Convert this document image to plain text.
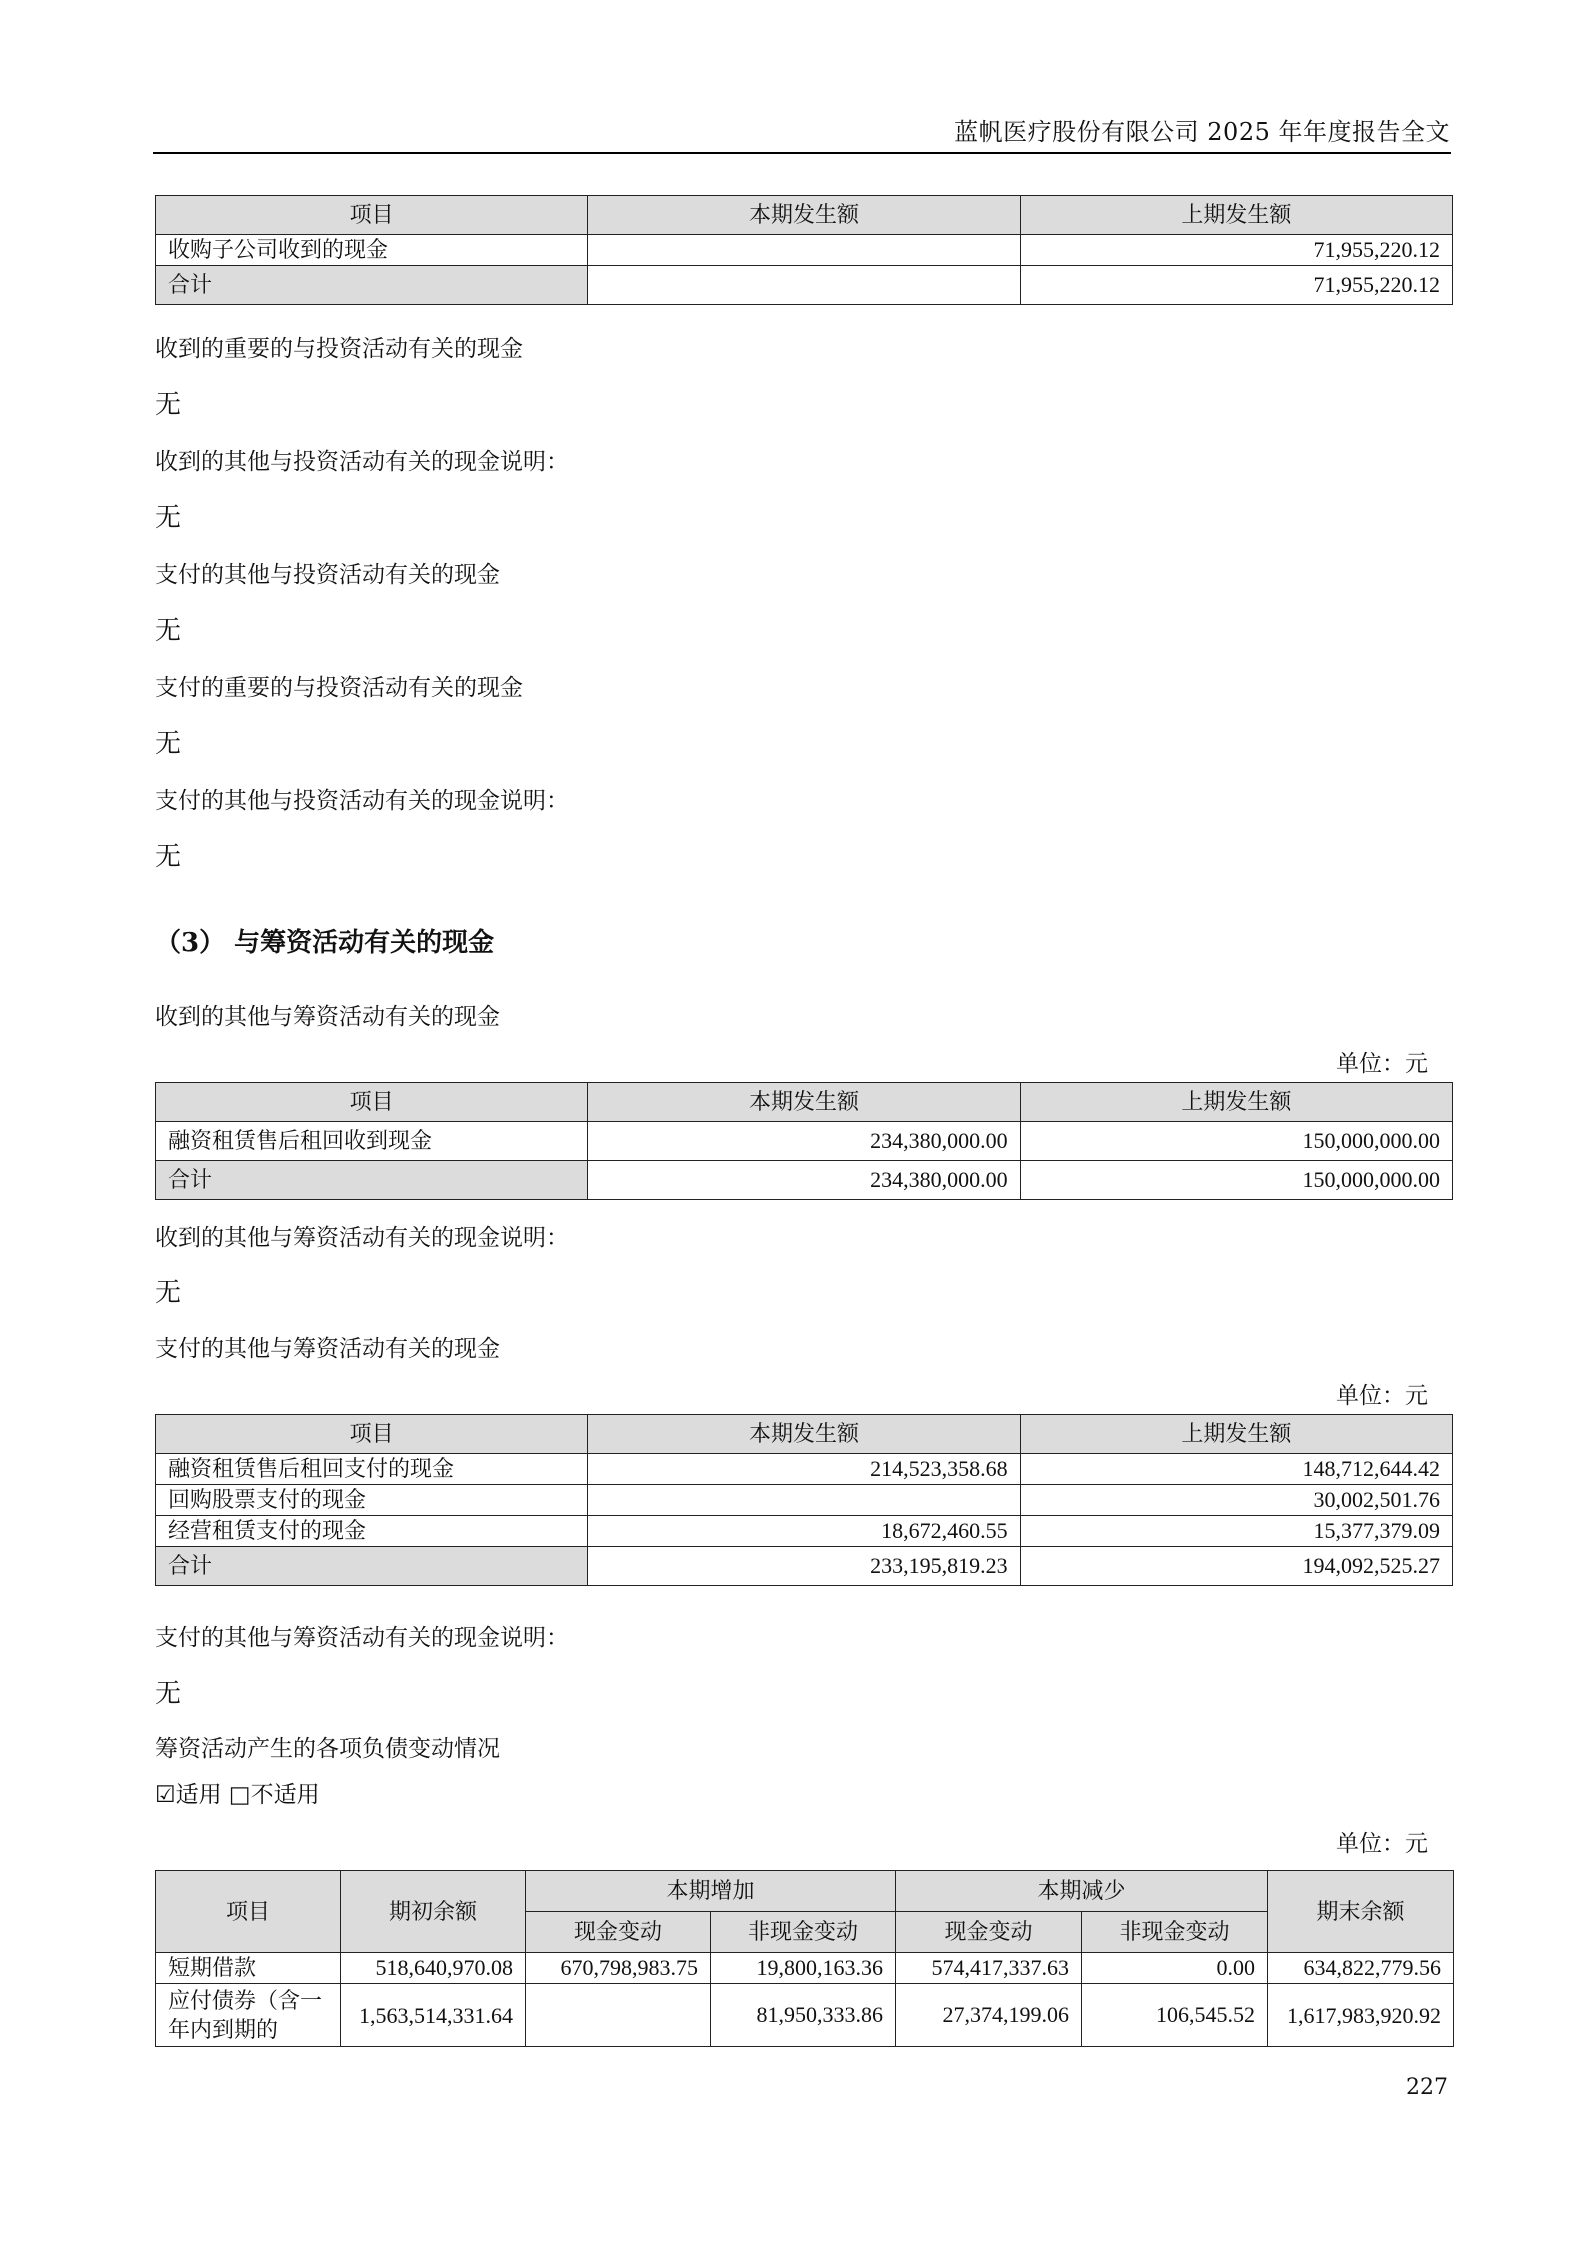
蓝帆医疗股份有限公司 2025 年年度报告全文
项目	本期发生额	上期发生额
收购子公司收到的现金		71,955,220.12
合计		71,955,220.12
收到的重要的与投资活动有关的现金
无
收到的其他与投资活动有关的现金说明：
无
支付的其他与投资活动有关的现金
无
支付的重要的与投资活动有关的现金
无
支付的其他与投资活动有关的现金说明：
无
（3） 与筹资活动有关的现金
收到的其他与筹资活动有关的现金
单位：元
项目	本期发生额	上期发生额
融资租赁售后租回收到现金	234,380,000.00	150,000,000.00
合计	234,380,000.00	150,000,000.00
收到的其他与筹资活动有关的现金说明：
无
支付的其他与筹资活动有关的现金
单位：元
项目	本期发生额	上期发生额
融资租赁售后租回支付的现金	214,523,358.68	148,712,644.42
回购股票支付的现金		30,002,501.76
经营租赁支付的现金	18,672,460.55	15,377,379.09
合计	233,195,819.23	194,092,525.27
支付的其他与筹资活动有关的现金说明：
无
筹资活动产生的各项负债变动情况
☑适用 □不适用
单位：元
项目	期初余额	本期增加		本期减少		期末余额
		现金变动	非现金变动	现金变动	非现金变动	
短期借款	518,640,970.08	670,798,983.75	19,800,163.36	574,417,337.63	0.00	634,822,779.56
应付债券（含一年内到期的	1,563,514,331.64		81,950,333.86	27,374,199.06	106,545.52	1,617,983,920.92
227
